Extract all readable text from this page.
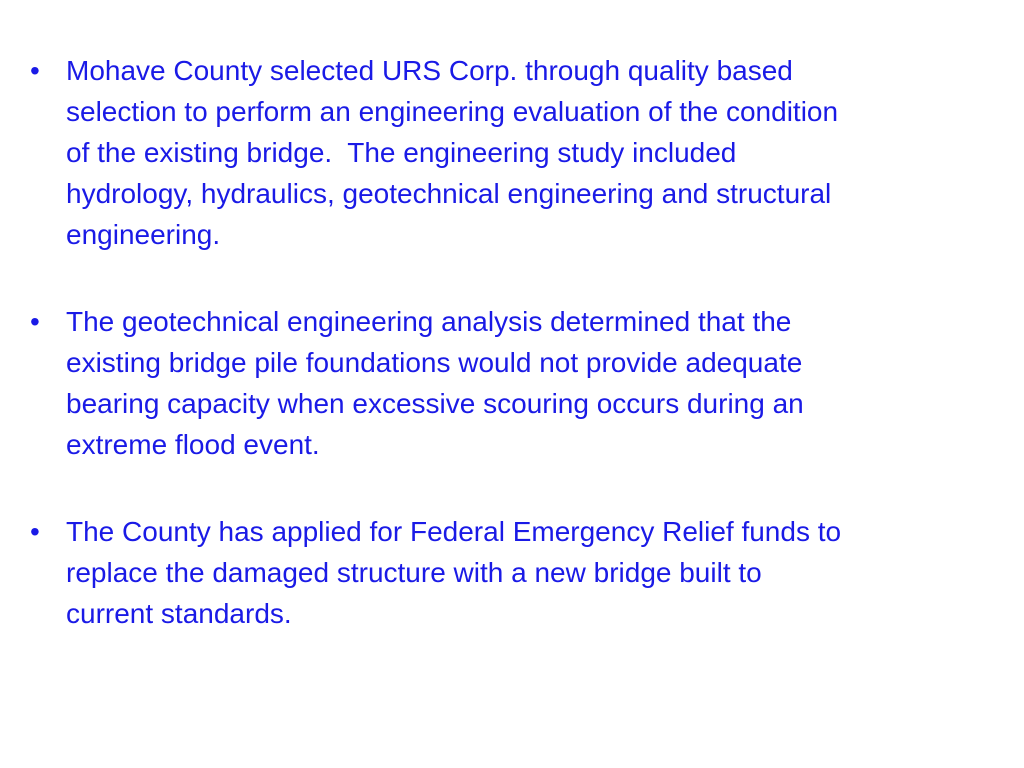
• Mohave County selected URS Corp. through quality based
selection to perform an engineering evaluation of the condition
of the existing bridge.  The engineering study included
hydrology, hydraulics, geotechnical engineering and structural
engineering.
• The geotechnical engineering analysis determined that the
existing bridge pile foundations would not provide adequate
bearing capacity when excessive scouring occurs during an
extreme flood event.
• The County has applied for Federal Emergency Relief funds to
replace the damaged structure with a new bridge built to
current standards.
